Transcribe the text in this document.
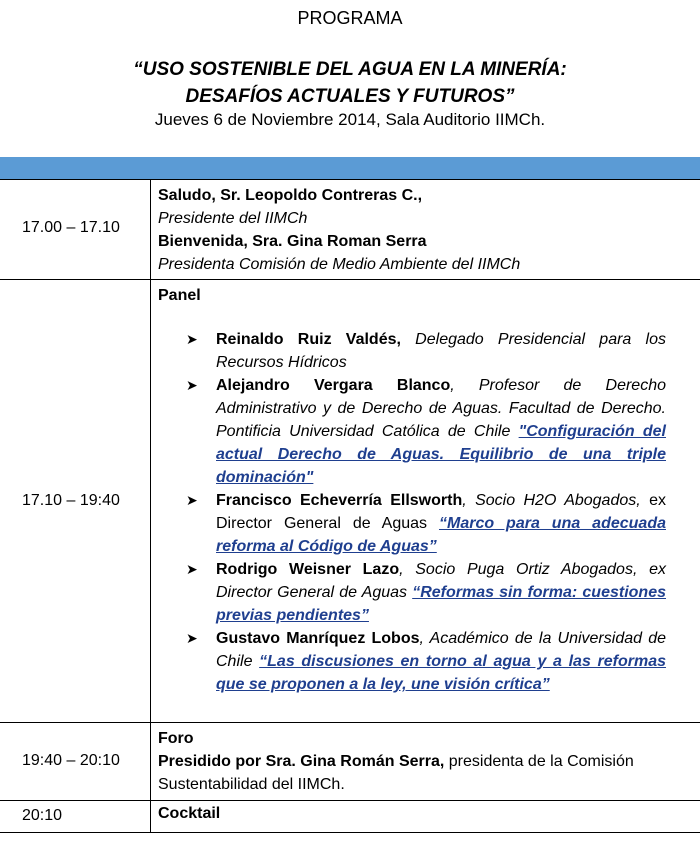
PROGRAMA
“USO SOSTENIBLE DEL AGUA EN LA MINERÍA:
DESAFÍOS ACTUALES Y FUTUROS”
Jueves 6 de Noviembre 2014, Sala Auditorio IIMCh.
17.00 – 17.10
Saludo, Sr. Leopoldo Contreras C.,
Presidente del IIMCh
Bienvenida, Sra. Gina Roman Serra
Presidenta Comisión de Medio Ambiente del IIMCh
17.10 – 19:40
Panel
➤ Reinaldo Ruiz Valdés, Delegado Presidencial para los Recursos Hídricos
➤ Alejandro Vergara Blanco, Profesor de Derecho Administrativo y de Derecho de Aguas. Facultad de Derecho. Pontificia Universidad Católica de Chile "Configuración del actual Derecho de Aguas. Equilibrio de una triple dominación"
➤ Francisco Echeverría Ellsworth, Socio H2O Abogados, ex Director General de Aguas “Marco para una adecuada reforma al Código de Aguas”
➤ Rodrigo Weisner Lazo, Socio Puga Ortiz Abogados, ex Director General de Aguas “Reformas sin forma: cuestiones previas pendientes”
➤ Gustavo Manríquez Lobos, Académico de la Universidad de Chile “Las discusiones en torno al agua y a las reformas que se proponen a la ley, une visión crítica”
19:40 – 20:10
Foro
Presidido por Sra. Gina Román Serra, presidenta de la Comisión Sustentabilidad del IIMCh.
20:10	Cocktail
